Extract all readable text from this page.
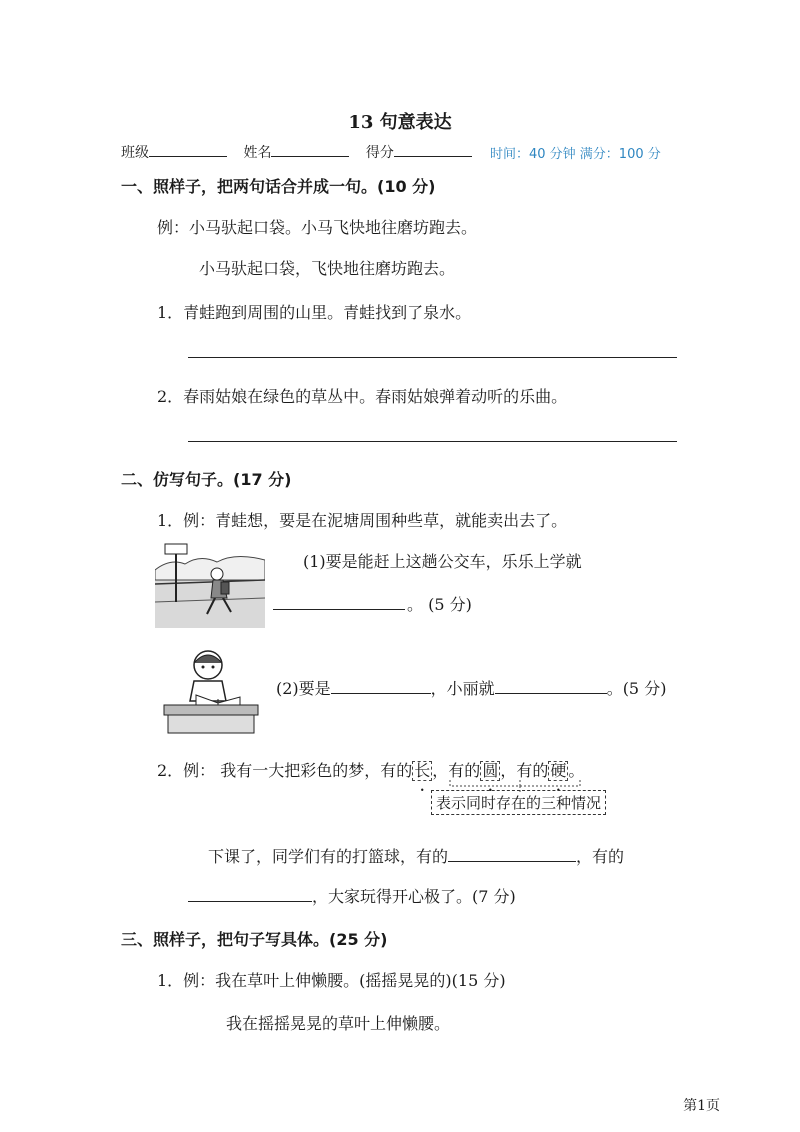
13 句意表达
班级	姓名	得分	时间：40 分钟 满分：100 分
一、照样子，把两句话合并成一句。(10 分)
例：小马驮起口袋。小马飞快地往磨坊跑去。
小马驮起口袋，飞快地往磨坊跑去。
1．青蛙跑到周围的山里。青蛙找到了泉水。
2．春雨姑娘在绿色的草丛中。春雨姑娘弹着动听的乐曲。
二、仿写句子。(17 分)
1．例：青蛙想，要是在泥塘周围种些草，就能卖出去了。
(1)要是能赶上这趟公交车，乐乐上学就
。 (5 分)
(2)要是	，小丽就	。(5 分)
2．例： 我有一大把彩色的梦，有的 长 ，有的 圆 ，有的 硬 。
表示同时存在的三种情况
下课了，同学们有的打篮球，有的	，有的
，大家玩得开心极了。(7 分)
三、照样子，把句子写具体。(25 分)
1．例：我在草叶上伸懒腰。(摇摇晃晃的)(15 分)
我在摇摇晃晃的草叶上伸懒腰。
第1页
